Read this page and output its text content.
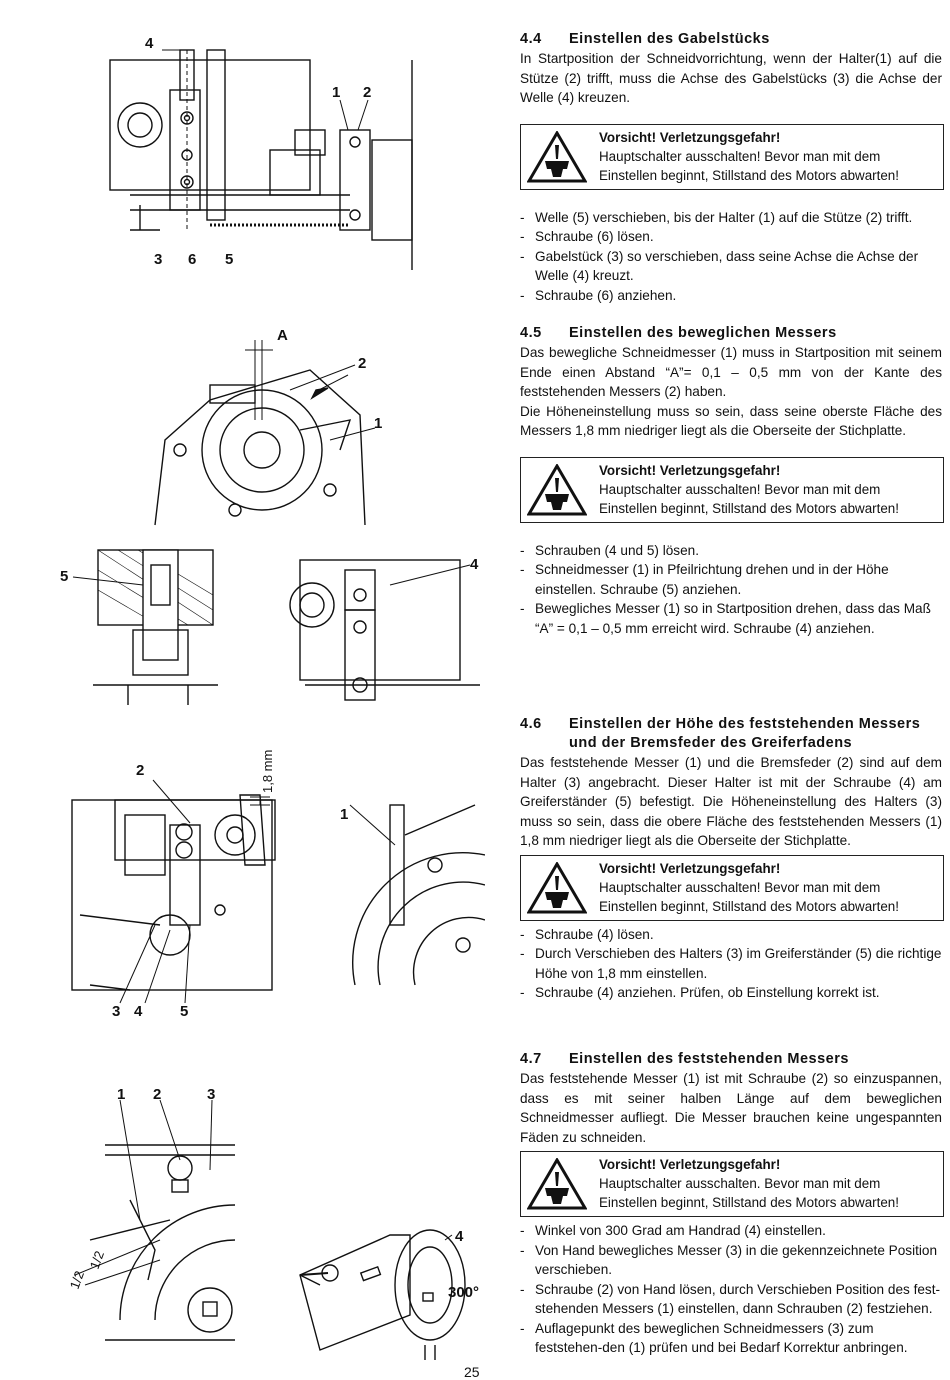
4
1 2
3 6 5
A
2
1
5
4
2	1,8 mm
3 4	5
1
1 2	3
1/2
1/2
4
300°
4.4	Einstellen des Gabelstücks

In Startposition der Schneidvorrichtung, wenn der Halter(1) auf die Stütze (2) trifft, muss die Achse des Gabelstücks (3) die Achse der Welle (4) kreuzen.

Vorsicht! Verletzungsgefahr!
Hauptschalter ausschalten! Bevor man mit dem Einstellen beginnt, Stillstand des Motors abwarten!
- Welle (5) verschieben, bis der Halter (1) auf die Stütze (2) trifft.
- Schraube (6) lösen.
- Gabelstück (3) so verschieben, dass seine Achse die Achse der Welle (4) kreuzt.
- Schraube (6) anziehen.
4.5	Einstellen des beweglichen Messers

Das bewegliche Schneidmesser (1) muss in Startposition mit seinem Ende einen Abstand “A”= 0,1 – 0,5 mm von der Kante des feststehenden Messers (2) haben.

Die Höheneinstellung muss so sein, dass seine oberste Fläche des Messers 1,8 mm niedriger liegt als die Oberseite der Stichplatte.

Vorsicht! Verletzungsgefahr!
Hauptschalter ausschalten! Bevor man mit dem Einstellen beginnt, Stillstand des Motors abwarten!
- Schrauben (4 und 5) lösen.
- Schneidmesser (1) in Pfeilrichtung drehen und in der Höhe einstellen. Schraube (5) anziehen.
- Bewegliches Messer (1) so in Startposition drehen, dass das Maß “A” = 0,1 – 0,5 mm erreicht wird. Schraube (4) anziehen.
4.6	Einstellen der Höhe des feststehenden Messers und der Bremsfeder des Greiferfadens

Das feststehende Messer (1) und die Bremsfeder (2) sind auf dem Halter (3) angebracht. Dieser Halter ist mit der Schraube (4) am Greiferständer (5) befestigt. Die Höheneinstellung des Halters (3) muss so sein, dass die obere Fläche des feststehenden Messers (1) 1,8 mm niedriger liegt als die Oberseite der Stichplatte.

Vorsicht! Verletzungsgefahr!
Hauptschalter ausschalten! Bevor man mit dem Einstellen beginnt, Stillstand des Motors abwarten!
- Schraube (4) lösen.
- Durch Verschieben des Halters (3) im Greiferständer (5) die richtige Höhe von 1,8 mm einstellen.
- Schraube (4) anziehen. Prüfen, ob Einstellung korrekt ist.
4.7	Einstellen des feststehenden Messers

Das feststehende Messer (1) ist mit Schraube (2) so einzuspannen, dass es mit seiner halben Länge auf dem beweglichen Schneidmesser aufliegt. Die Messer brauchen keine ungespannten Fäden zu schneiden.

Vorsicht! Verletzungsgefahr!
Hauptschalter ausschalten. Bevor man mit dem Einstellen beginnt, Stillstand des Motors abwarten!
- Winkel von 300 Grad am Handrad (4) einstellen.
- Von Hand bewegliches Messer (3) in die gekennzeichnete Position verschieben.
- Schraube (2) von Hand lösen, durch Verschieben Position des fest-stehenden Messers (1) einstellen, dann Schrauben (2) festziehen.
- Auflagepunkt des beweglichen Schneidmessers (3) zum feststehen-den (1) prüfen und bei Bedarf Korrektur anbringen.
25
